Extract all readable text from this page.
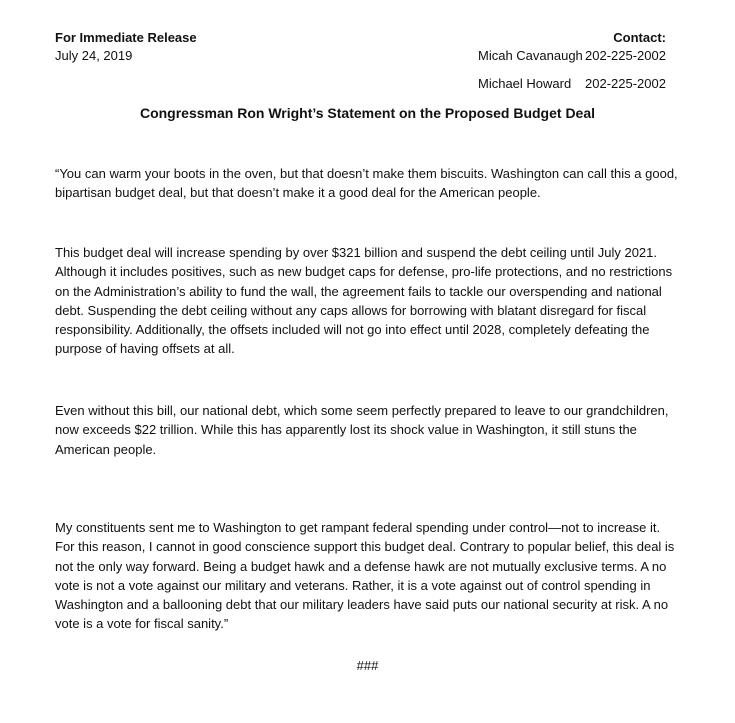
For Immediate Release
July 24, 2019
Contact:
Micah Cavanaugh 202-225-2002
Michael Howard 202-225-2002
Congressman Ron Wright’s Statement on the Proposed Budget Deal
“You can warm your boots in the oven, but that doesn’t make them biscuits. Washington can call this a good, bipartisan budget deal, but that doesn’t make it a good deal for the American people.
This budget deal will increase spending by over $321 billion and suspend the debt ceiling until July 2021. Although it includes positives, such as new budget caps for defense, pro-life protections, and no restrictions on the Administration’s ability to fund the wall, the agreement fails to tackle our overspending and national debt. Suspending the debt ceiling without any caps allows for borrowing with blatant disregard for fiscal responsibility. Additionally, the offsets included will not go into effect until 2028, completely defeating the purpose of having offsets at all.
Even without this bill, our national debt, which some seem perfectly prepared to leave to our grandchildren, now exceeds $22 trillion. While this has apparently lost its shock value in Washington, it still stuns the American people.
My constituents sent me to Washington to get rampant federal spending under control—not to increase it. For this reason, I cannot in good conscience support this budget deal. Contrary to popular belief, this deal is not the only way forward. Being a budget hawk and a defense hawk are not mutually exclusive terms. A no vote is not a vote against our military and veterans. Rather, it is a vote against out of control spending in Washington and a ballooning debt that our military leaders have said puts our national security at risk. A no vote is a vote for fiscal sanity.”
###
